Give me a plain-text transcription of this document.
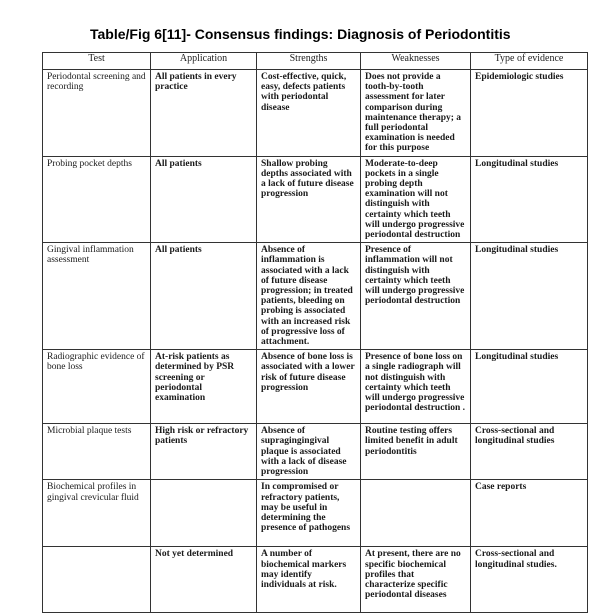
Table/Fig 6[11]- Consensus findings: Diagnosis of Periodontitis
Test	Application	Strengths	Weaknesses	Type of evidence
Periodontal screening and recording	All patients in every practice	Cost-effective, quick, easy, defects patients with periodontal disease	Does not provide a tooth-by-tooth assessment for later comparison during maintenance therapy; a full periodontal examination is needed for this purpose	Epidemiologic studies
Probing pocket depths	All patients	Shallow probing depths associated with a lack of future disease progression	Moderate-to-deep pockets in a single probing depth examination will not distinguish with certainty which teeth will undergo progressive periodontal destruction	Longitudinal studies
Gingival inflammation assessment	All patients	Absence of inflammation is associated with a lack of future disease progression; in treated patients, bleeding on probing is associated with an increased risk of progressive loss of attachment.	Presence of inflammation will not distinguish with certainty which teeth will undergo progressive periodontal destruction	Longitudinal studies
Radiographic evidence of bone loss	At-risk patients as determined by PSR screening or periodontal examination	Absence of bone loss is associated with a lower risk of future disease progression	Presence of bone loss on a single radiograph will not distinguish with certainty which teeth will undergo progressive periodontal destruction .	Longitudinal studies
Microbial plaque tests	High risk or refractory patients	Absence of supragingingival plaque is associated with a lack of disease progression	Routine testing offers limited benefit in adult periodontitis	Cross-sectional and longitudinal studies
Biochemical profiles in gingival crevicular fluid		In compromised or refractory patients, may be useful in determining the presence of pathogens		Case reports
	Not yet determined	A number of biochemical markers may identify individuals at risk.	At present, there are no specific biochemical profiles that characterize specific periodontal diseases	Cross-sectional and longitudinal studies.
